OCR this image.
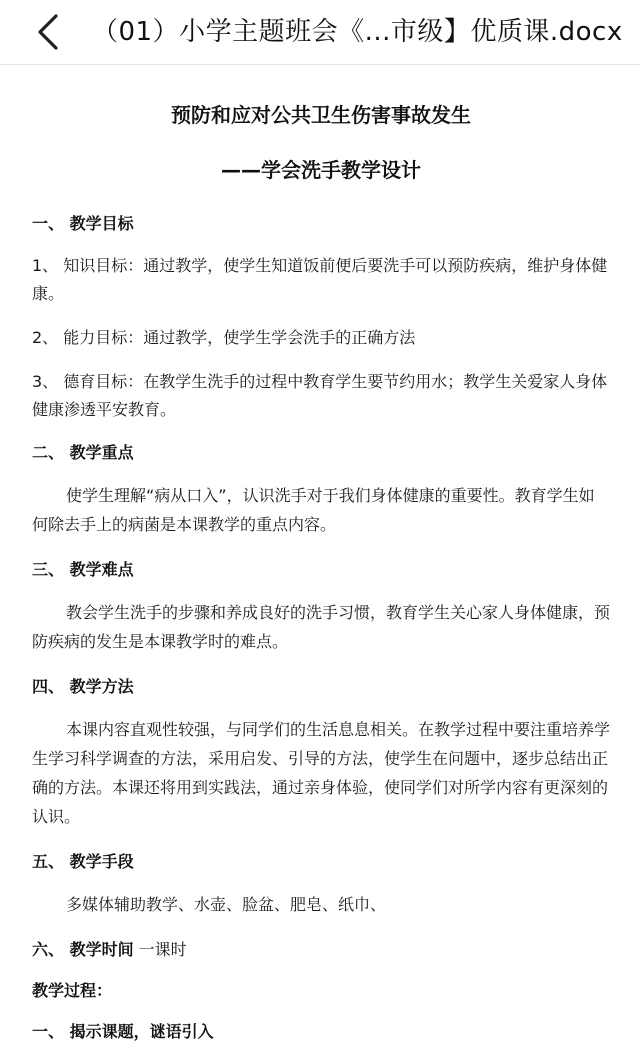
（01）小学主题班会《...市级】优质课.docx
预防和应对公共卫生伤害事故发生
——学会洗手教学设计
一、 教学目标

1、 知识目标：通过教学，使学生知道饭前便后要洗手可以预防疾病，维护身体健康。

2、 能力目标：通过教学，使学生学会洗手的正确方法

3、 德育目标：在教学生洗手的过程中教育学生要节约用水；教学生关爱家人身体健康渗透平安教育。

二、 教学重点

使学生理解“病从口入”，认识洗手对于我们身体健康的重要性。教育学生如何除去手上的病菌是本课教学的重点内容。

三、 教学难点

教会学生洗手的步骤和养成良好的洗手习惯，教育学生关心家人身体健康，预防疾病的发生是本课教学时的难点。

四、 教学方法

本课内容直观性较强，与同学们的生活息息相关。在教学过程中要注重培养学生学习科学调查的方法，采用启发、引导的方法，使学生在问题中，逐步总结出正确的方法。本课还将用到实践法，通过亲身体验，使同学们对所学内容有更深刻的认识。

五、 教学手段

多媒体辅助教学、水壶、脸盆、肥皂、纸巾、

六、 教学时间 一课时
教学过程：
一、 揭示课题，谜语引入
